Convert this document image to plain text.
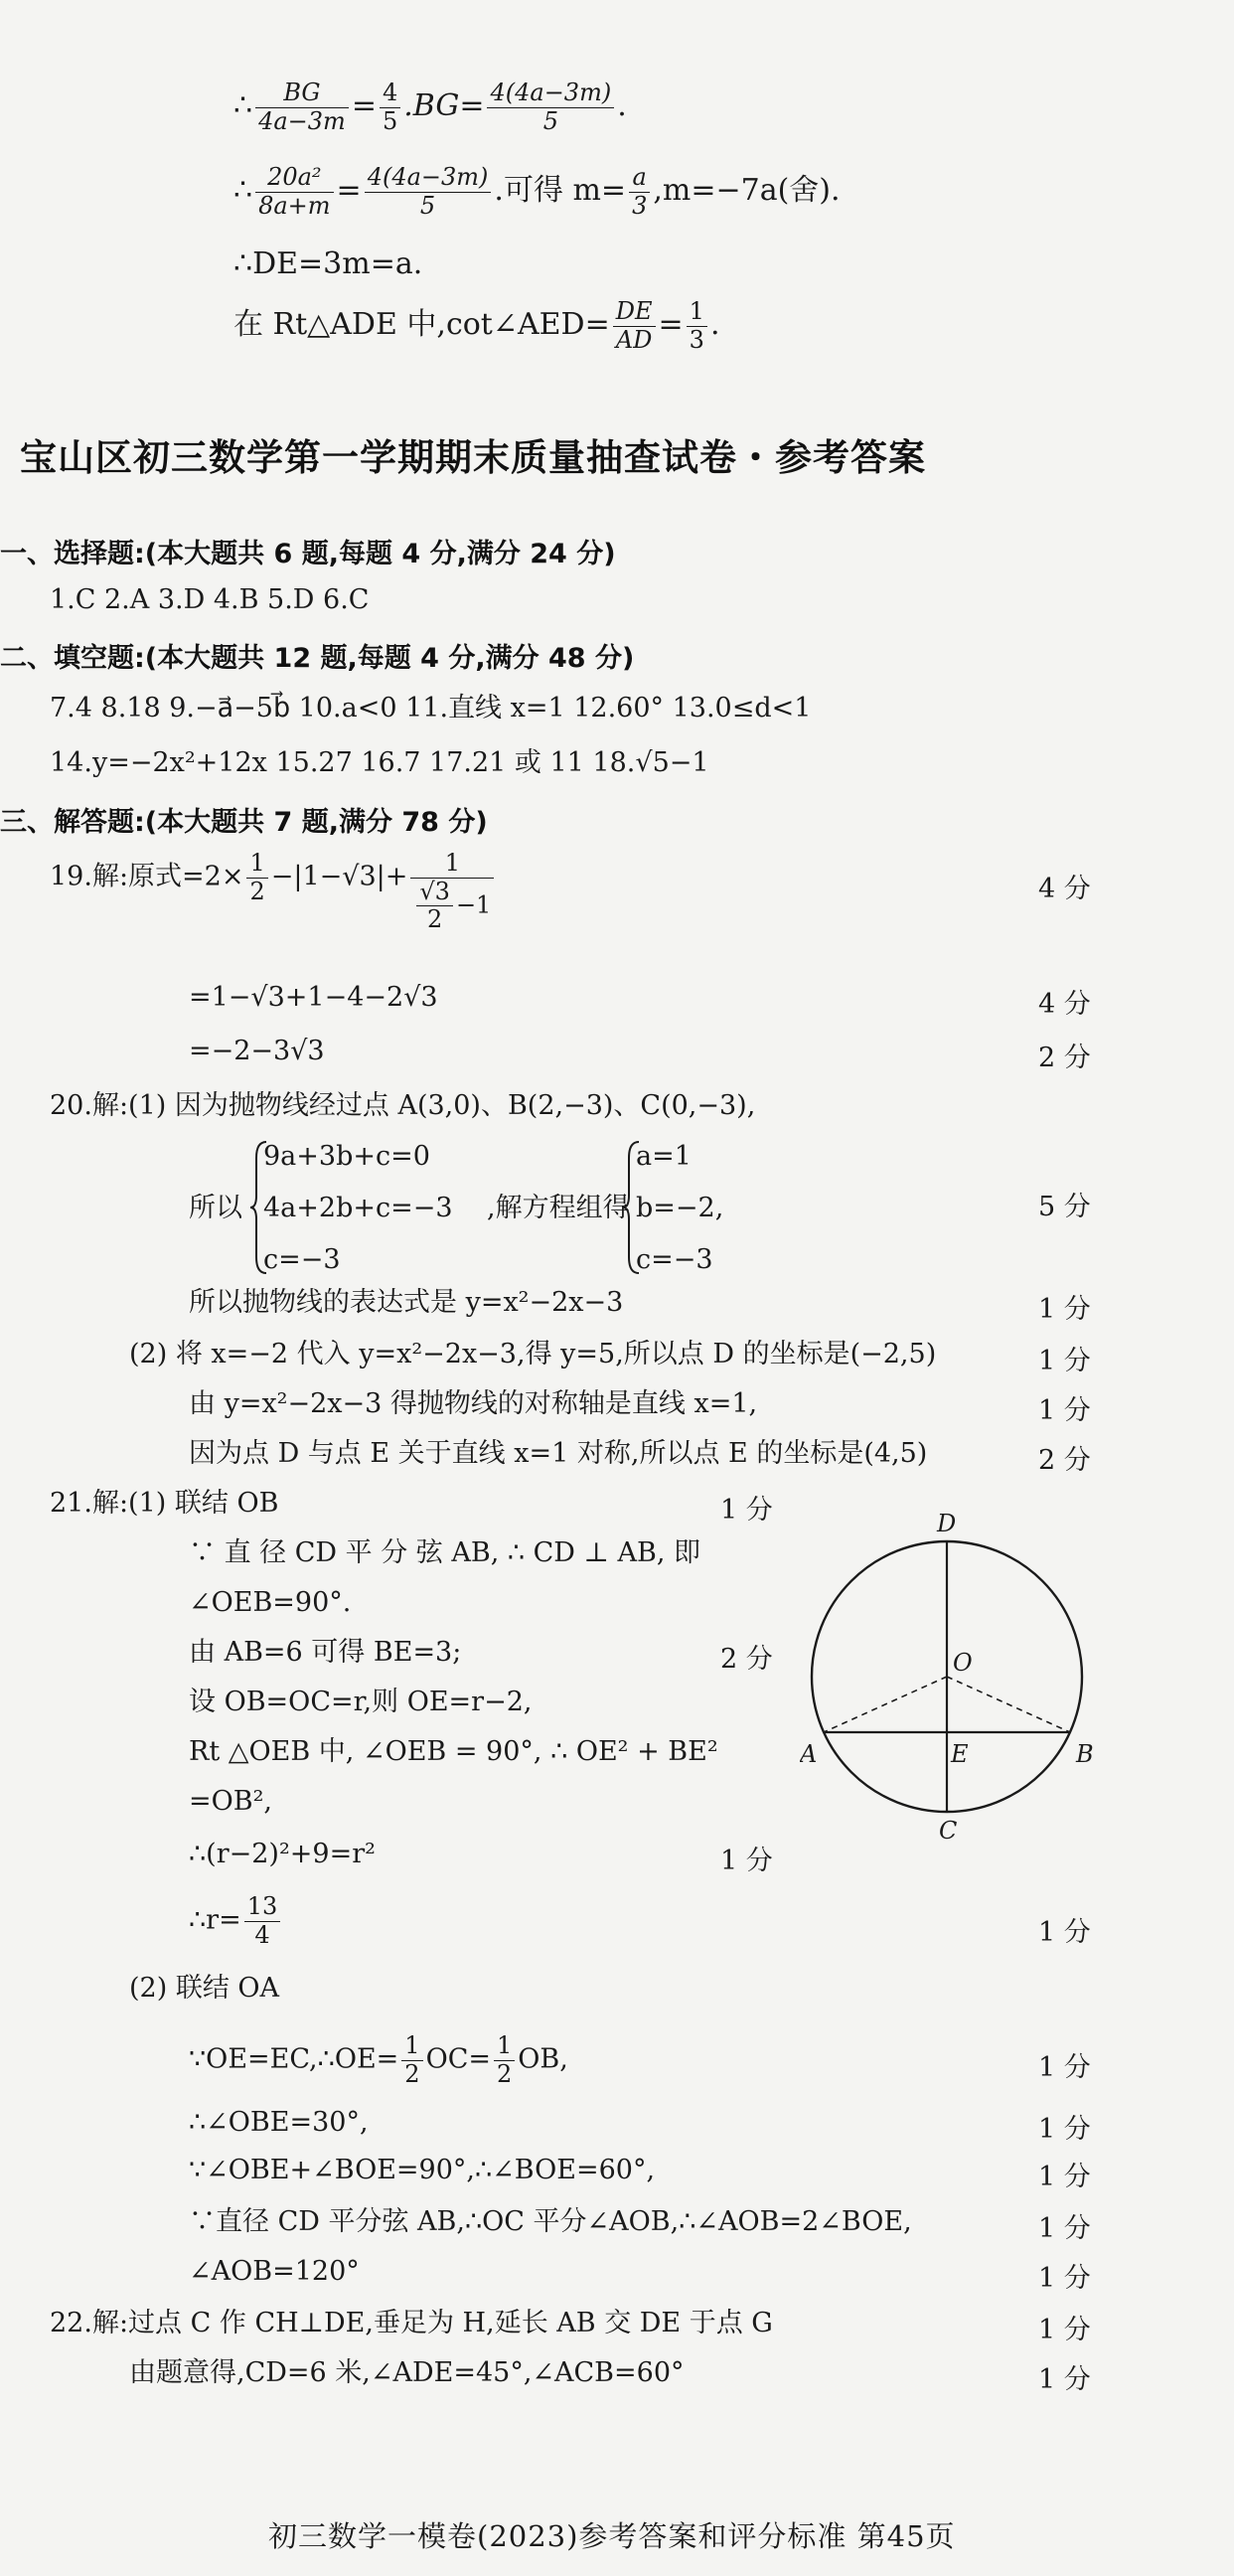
∴ $\frac{BG}{4a-3m} = \frac{4}{5} .BG= \frac{4(4a-3m)}{5}$ .
∴ $\frac{\text{20a²}}{8a+m} = \frac{4(4a-3m)}{5}$ .可得 $m= \frac{a}{3} ,m=-7a$(舍).
∴DE=3m=a.
在 Rt△ADE 中,cot∠AED= $\frac{DE}{AD} = \frac{1}{3}$ .
宝山区初三数学第一学期期末质量抽查试卷・参考答案
一、选择题:(本大题共 6 题,每题 4 分,满分 24 分)
1.C 2.A 3.D 4.B 5.D 6.C
二、填空题:(本大题共 12 题,每题 4 分,满分 48 分)
7.4 8.18 9.−a⃗−5b⃗ 10.a<0 11.直线 x=1 12.60° 13.0≤d<1
14.y=−2x²+12x 15.27 16.7 17.21 或 11 18.√5−1
三、解答题:(本大题共 7 题,满分 78 分)
19.解:原式$=2\times \frac{1}{2} -|1-√3|+ \frac{1}{\frac{√3}{2} -1}$	4 分
=1−√3+1−4−2√3	4 分
=−2−3√3	2 分
20.解:(1) 因为抛物线经过点 A(3,0)、B(2,−3)、C(0,−3),
所以
9a+3b+c=0
4a+2b+c=−3
c=−3
,解方程组得
a=1
b=−2,
c=−3
5 分
所以抛物线的表达式是 y=x²−2x−3	1 分
(2) 将 x=−2 代入 y=x²−2x−3,得 y=5,所以点 D 的坐标是(−2,5)	1 分
由 y=x²−2x−3 得抛物线的对称轴是直线 x=1,	1 分
因为点 D 与点 E 关于直线 x=1 对称,所以点 E 的坐标是(4,5)	2 分
21.解:(1) 联结 OB	1 分
∵ 直 径 CD 平 分 弦 AB, ∴ CD ⊥ AB, 即
∠OEB=90°.
由 AB=6 可得 BE=3;	2 分
设 OB=OC=r,则 OE=r−2,
Rt △OEB 中, ∠OEB = 90°, ∴ OE² + BE²
=OB²,
∴(r−2)²+9=r²	1 分
∴r= $\frac{13}{4}$	1 分
(2) 联结 OA
∵OE=EC,∴OE= $\frac{1}{2} OC= \frac{1}{2}$ OB,	1 分
∴∠OBE=30°,	1 分
∵∠OBE+∠BOE=90°,∴∠BOE=60°,	1 分
∵直径 CD 平分弦 AB,∴OC 平分∠AOB,∴∠AOB=2∠BOE,	1 分
∠AOB=120°	1 分
D
O
A	E	B
C
22.解:过点 C 作 CH⊥DE,垂足为 H,延长 AB 交 DE 于点 G	1 分
由题意得,CD=6 米,∠ADE=45°,∠ACB=60°	1 分
初三数学一模卷(2023)参考答案和评分标准 第45页
